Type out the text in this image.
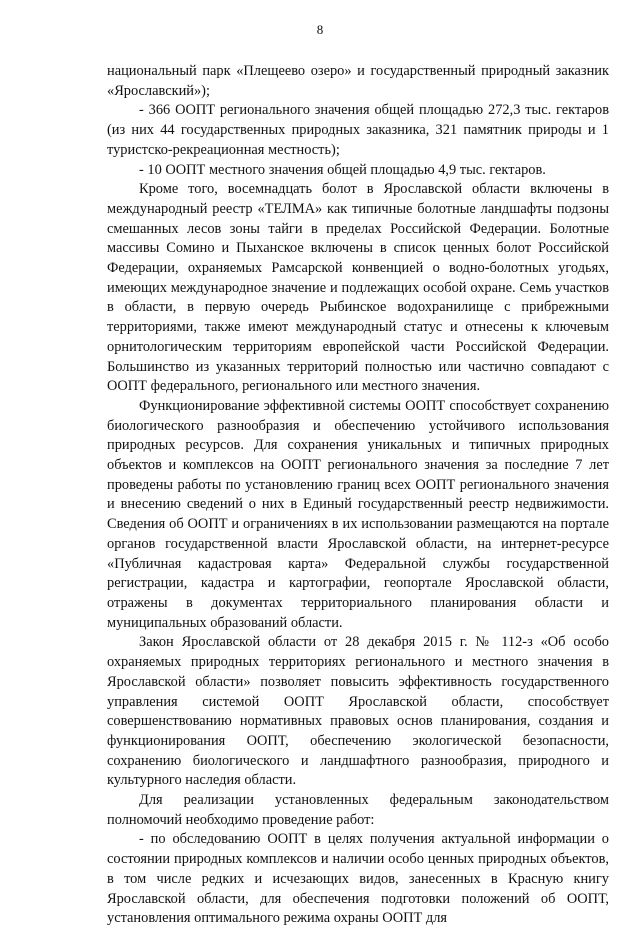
8

национальный парк «Плещеево озеро» и государственный природный заказник «Ярославский»);

- 366 ООПТ регионального значения общей площадью 272,3 тыс. гектаров (из них 44 государственных природных заказника, 321 памятник природы и 1 туристско-рекреационная местность);

- 10 ООПТ местного значения общей площадью 4,9 тыс. гектаров.

Кроме того, восемнадцать болот в Ярославской области включены в международный реестр «ТЕЛМА» как типичные болотные ландшафты подзоны смешанных лесов зоны тайги в пределах Российской Федерации. Болотные массивы Сомино и Пыханское включены в список ценных болот Российской Федерации, охраняемых Рамсарской конвенцией о водно-болотных угодьях, имеющих международное значение и подлежащих особой охране. Семь участков в области, в первую очередь Рыбинское водохранилище с прибрежными территориями, также имеют международный статус и отнесены к ключевым орнитологическим территориям европейской части Российской Федерации. Большинство из указанных территорий полностью или частично совпадают с ООПТ федерального, регионального или местного значения.

Функционирование эффективной системы ООПТ способствует сохранению биологического разнообразия и обеспечению устойчивого использования природных ресурсов. Для сохранения уникальных и типичных природных объектов и комплексов на ООПТ регионального значения за последние 7 лет проведены работы по установлению границ всех ООПТ регионального значения и внесению сведений о них в Единый государственный реестр недвижимости. Сведения об ООПТ и ограничениях в их использовании размещаются на портале органов государственной власти Ярославской области, на интернет-ресурсе «Публичная кадастровая карта» Федеральной службы государственной регистрации, кадастра и картографии, геопортале Ярославской области, отражены в документах территориального планирования области и муниципальных образований области.

Закон Ярославской области от 28 декабря 2015 г. № 112-з «Об особо охраняемых природных территориях регионального и местного значения в Ярославской области» позволяет повысить эффективность государственного управления системой ООПТ Ярославской области, способствует совершенствованию нормативных правовых основ планирования, создания и функционирования ООПТ, обеспечению экологической безопасности, сохранению биологического и ландшафтного разнообразия, природного и культурного наследия области.

Для реализации установленных федеральным законодательством полномочий необходимо проведение работ:

- по обследованию ООПТ в целях получения актуальной информации о состоянии природных комплексов и наличии особо ценных природных объектов, в том числе редких и исчезающих видов, занесенных в Красную книгу Ярославской области, для обеспечения подготовки положений об ООПТ, установления оптимального режима охраны ООПТ для
